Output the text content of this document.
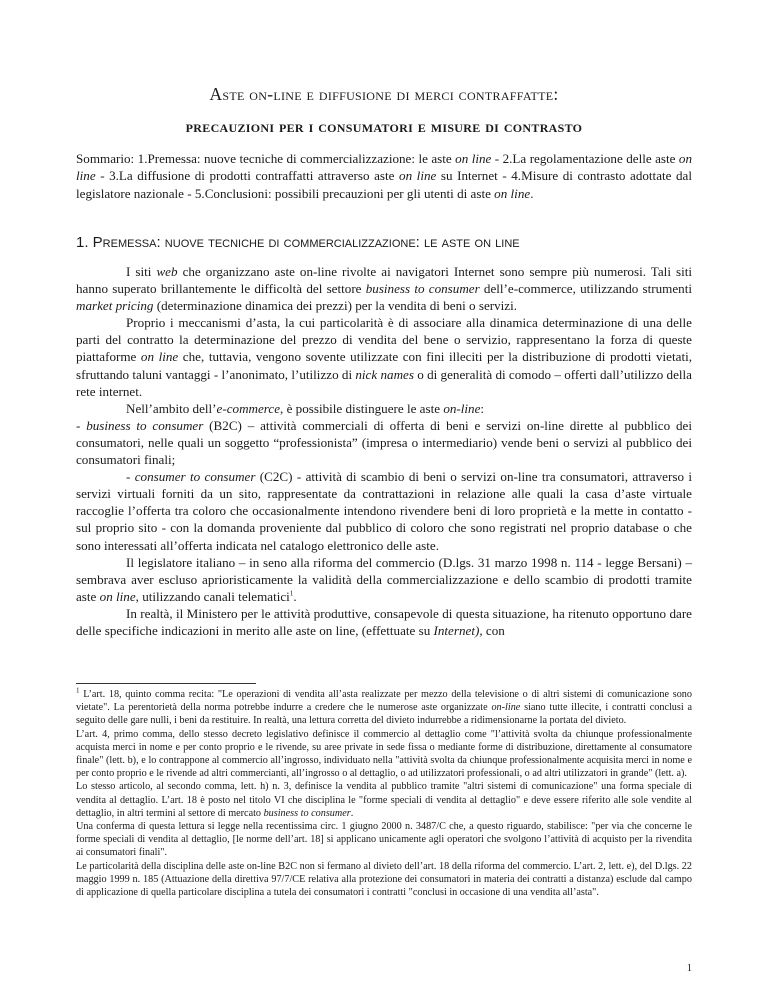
Aste on-line e diffusione di merci contraffatte:
precauzioni per i consumatori e misure di contrasto

Sommario: 1.Premessa: nuove tecniche di commercializzazione: le aste on line - 2.La regolamentazione delle aste on line - 3.La diffusione di prodotti contraffatti attraverso aste on line su Internet - 4.Misure di contrasto adottate dal legislatore nazionale - 5.Conclusioni: possibili precauzioni per gli utenti di aste on line.

1. Premessa: nuove tecniche di commercializzazione: le aste on line

I siti web che organizzano aste on-line rivolte ai navigatori Internet sono sempre più numerosi. Tali siti hanno superato brillantemente le difficoltà del settore business to consumer dell’e-commerce, utilizzando strumenti market pricing (determinazione dinamica dei prezzi) per la vendita di beni o servizi.

Proprio i meccanismi d’asta, la cui particolarità è di associare alla dinamica determinazione di una delle parti del contratto la determinazione del prezzo di vendita del bene o servizio, rappresentano la forza di queste piattaforme on line che, tuttavia, vengono sovente utilizzate con fini illeciti per la distribuzione di prodotti vietati, sfruttando taluni vantaggi - l’anonimato, l’utilizzo di nick names o di generalità di comodo – offerti dall’utilizzo della rete internet.

Nell’ambito dell’e-commerce, è possibile distinguere le aste on-line:

- business to consumer (B2C) – attività commerciali di offerta di beni e servizi on-line dirette al pubblico dei consumatori, nelle quali un soggetto “professionista” (impresa o intermediario) vende beni o servizi al pubblico dei consumatori finali;

- consumer to consumer (C2C) - attività di scambio di beni o servizi on-line tra consumatori, attraverso i servizi virtuali forniti da un sito, rappresentate da contrattazioni in relazione alle quali la casa d’aste virtuale raccoglie l’offerta tra coloro che occasionalmente intendono rivendere beni di loro proprietà e la mette in contatto - sul proprio sito - con la domanda proveniente dal pubblico di coloro che sono registrati nel proprio database o che sono interessati all’offerta indicata nel catalogo elettronico delle aste.

Il legislatore italiano – in seno alla riforma del commercio (D.lgs. 31 marzo 1998 n. 114 - legge Bersani) – sembrava aver escluso aprioristicamente la validità della commercializzazione e dello scambio di prodotti tramite aste on line, utilizzando canali telematici$^1$.

In realtà, il Ministero per le attività produttive, consapevole di questa situazione, ha ritenuto opportuno dare delle specifiche indicazioni in merito alle aste on line, (effettuate su Internet), con

$^1$ L’art. 18, quinto comma recita: "Le operazioni di vendita all’asta realizzate per mezzo della televisione o di altri sistemi di comunicazione sono vietate". La perentorietà della norma potrebbe indurre a credere che le numerose aste organizzate on-line siano tutte illecite, i contratti conclusi a seguito delle gare nulli, i beni da restituire. In realtà, una lettura corretta del divieto indurrebbe a ridimensionarne la portata del divieto.

L’art. 4, primo comma, dello stesso decreto legislativo definisce il commercio al dettaglio come "l’attività svolta da chiunque professionalmente acquista merci in nome e per conto proprio e le rivende, su aree private in sede fissa o mediante forme di distribuzione, direttamente al consumatore finale" (lett. b), e lo contrappone al commercio all’ingrosso, individuato nella "attività svolta da chiunque professionalmente acquisita merci in nome e per conto proprio e le rivende ad altri commercianti, all’ingrosso o al dettaglio, o ad utilizzatori professionali, o ad altri utilizzatori in grande" (lett. a).

Lo stesso articolo, al secondo comma, lett. h) n. 3, definisce la vendita al pubblico tramite "altri sistemi di comunicazione" una forma speciale di vendita al dettaglio. L’art. 18 è posto nel titolo VI che disciplina le "forme speciali di vendita al dettaglio" e deve essere riferito alle sole vendite al dettaglio, in altri termini al settore di mercato business to consumer.

Una conferma di questa lettura si legge nella recentissima circ. 1 giugno 2000 n. 3487/C che, a questo riguardo, stabilisce: "per via che concerne le forme speciali di vendita al dettaglio, [le norme dell’art. 18] si applicano unicamente agli operatori che svolgono l’attività di acquisto per la rivendita ai consumatori finali".

Le particolarità della disciplina delle aste on-line B2C non si fermano al divieto dell’art. 18 della riforma del commercio. L’art. 2, lett. e), del D.lgs. 22 maggio 1999 n. 185 (Attuazione della direttiva 97/7/CE relativa alla protezione dei consumatori in materia dei contratti a distanza) esclude dal campo di applicazione di quella particolare disciplina a tutela dei consumatori i contratti "conclusi in occasione di una vendita all’asta".

1
